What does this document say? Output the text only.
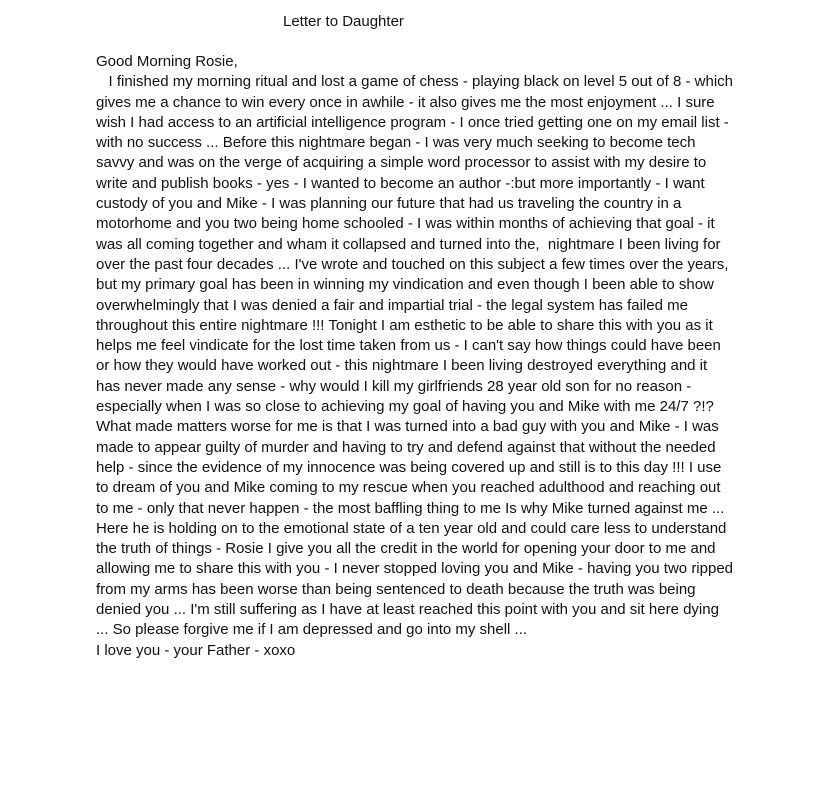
Letter to Daughter
Good Morning Rosie,
I finished my morning ritual and lost a game of chess - playing black on level 5 out of 8 - which
gives me a chance to win every once in awhile - it also gives me the most enjoyment ... I sure
wish I had access to an artificial intelligence program - I once tried getting one on my email list -
with no success ... Before this nightmare began - I was very much seeking to become tech
savvy and was on the verge of acquiring a simple word processor to assist with my desire to
write and publish books - yes - I wanted to become an author -:but more importantly - I want
custody of you and Mike - I was planning our future that had us traveling the country in a
motorhome and you two being home schooled - I was within months of achieving that goal - it
was all coming together and wham it collapsed and turned into the,  nightmare I been living for
over the past four decades ... I've wrote and touched on this subject a few times over the years,
but my primary goal has been in winning my vindication and even though I been able to show
overwhelmingly that I was denied a fair and impartial trial - the legal system has failed me
throughout this entire nightmare !!! Tonight I am esthetic to be able to share this with you as it
helps me feel vindicate for the lost time taken from us - I can't say how things could have been
or how they would have worked out - this nightmare I been living destroyed everything and it
has never made any sense - why would I kill my girlfriends 28 year old son for no reason -
especially when I was so close to achieving my goal of having you and Mike with me 24/7 ?!?
What made matters worse for me is that I was turned into a bad guy with you and Mike - I was
made to appear guilty of murder and having to try and defend against that without the needed
help - since the evidence of my innocence was being covered up and still is to this day !!! I use
to dream of you and Mike coming to my rescue when you reached adulthood and reaching out
to me - only that never happen - the most baffling thing to me Is why Mike turned against me ...
Here he is holding on to the emotional state of a ten year old and could care less to understand
the truth of things - Rosie I give you all the credit in the world for opening your door to me and
allowing me to share this with you - I never stopped loving you and Mike - having you two ripped
from my arms has been worse than being sentenced to death because the truth was being
denied you ... I'm still suffering as I have at least reached this point with you and sit here dying
... So please forgive me if I am depressed and go into my shell ...
I love you - your Father - xoxo
